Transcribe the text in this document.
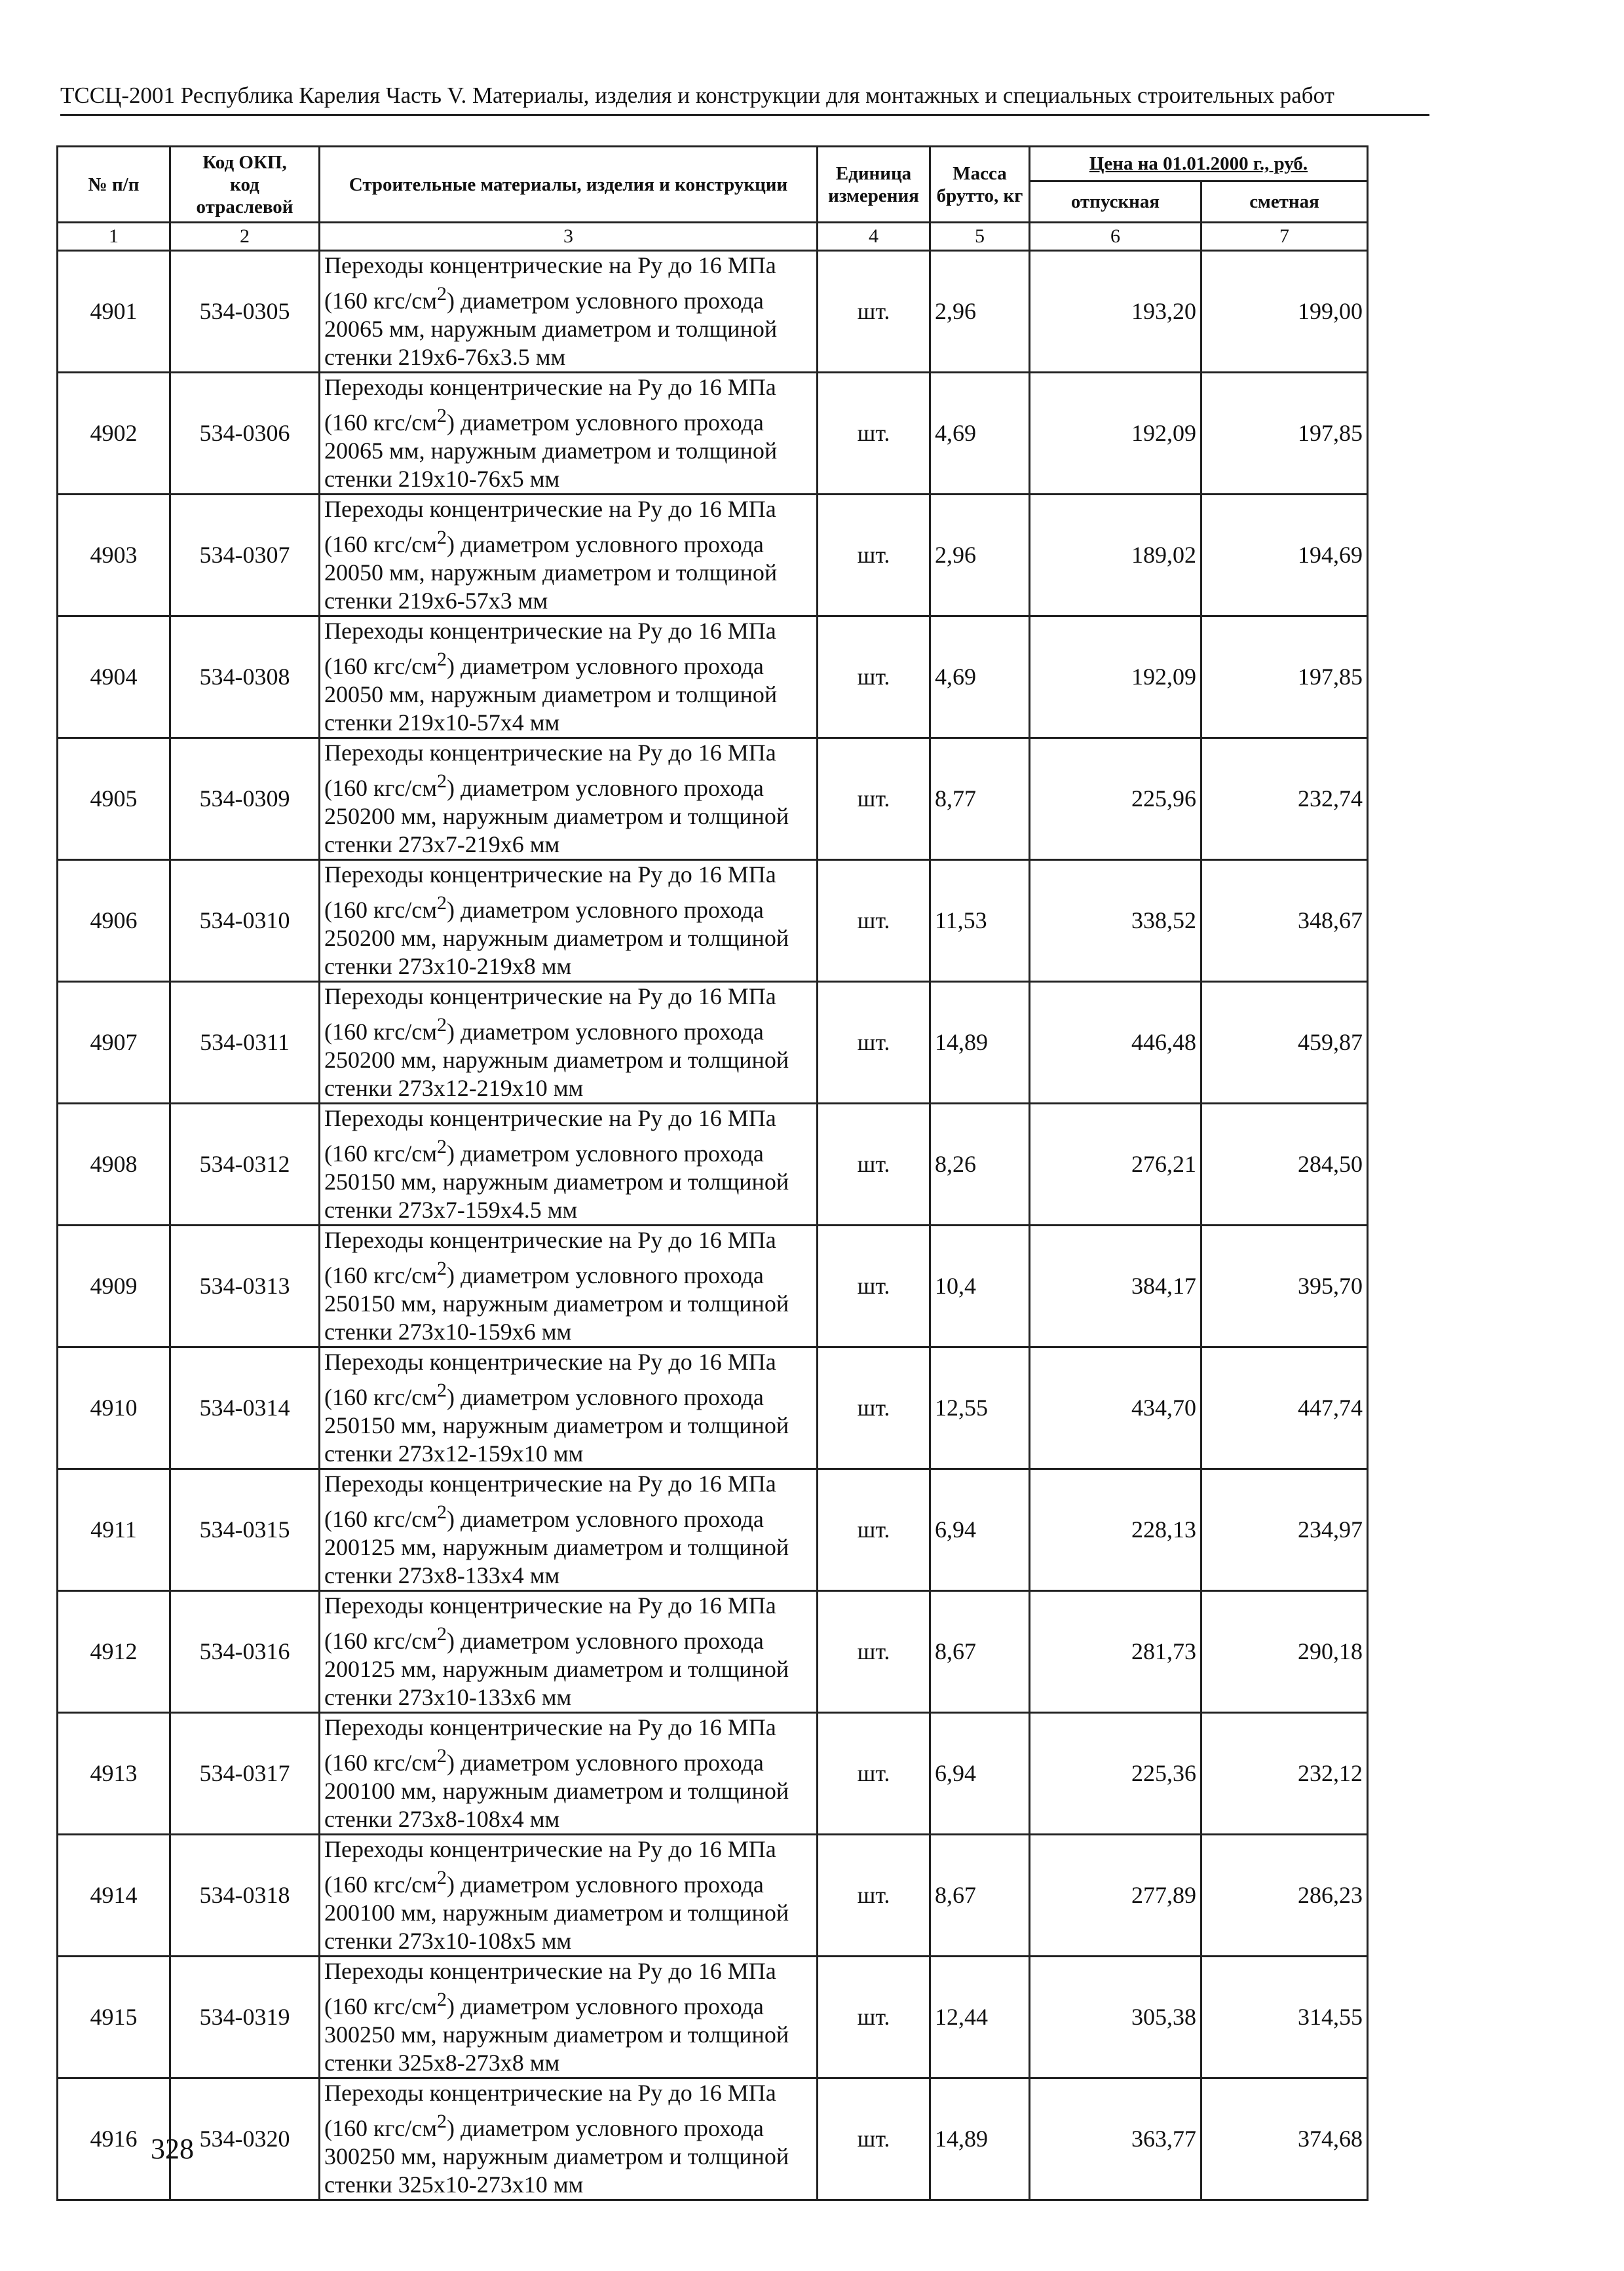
ТССЦ-2001 Республика Карелия Часть V. Материалы, изделия и конструкции для монтажных и специальных строительных работ
№ п/п	Код ОКП,
код
отраслевой	Строительные материалы, изделия и конструкции	Единица
измерения	Масса
брутто, кг	Цена на 01.01.2000 г., руб.	
					отпускная	сметная
1	2	3	4	5	6	7
4901	534-0305	Переходы концентрические на Ру до 16 МПа (160 кгс/$см^2$) диаметром условного прохода 20065 мм, наружным диаметром и толщиной стенки 219х6-76х3.5 мм	шт.	2,96	193,20	199,00
4902	534-0306	Переходы концентрические на Ру до 16 МПа (160 кгс/$см^2$) диаметром условного прохода 20065 мм, наружным диаметром и толщиной стенки 219х10-76х5 мм	шт.	4,69	192,09	197,85
4903	534-0307	Переходы концентрические на Ру до 16 МПа (160 кгс/$см^2$) диаметром условного прохода 20050 мм, наружным диаметром и толщиной стенки 219х6-57х3 мм	шт.	2,96	189,02	194,69
4904	534-0308	Переходы концентрические на Ру до 16 МПа (160 кгс/$см^2$) диаметром условного прохода 20050 мм, наружным диаметром и толщиной стенки 219х10-57х4 мм	шт.	4,69	192,09	197,85
4905	534-0309	Переходы концентрические на Ру до 16 МПа (160 кгс/$см^2$) диаметром условного прохода 250200 мм, наружным диаметром и толщиной стенки 273х7-219х6 мм	шт.	8,77	225,96	232,74
4906	534-0310	Переходы концентрические на Ру до 16 МПа (160 кгс/$см^2$) диаметром условного прохода 250200 мм, наружным диаметром и толщиной стенки 273х10-219х8 мм	шт.	11,53	338,52	348,67
4907	534-0311	Переходы концентрические на Ру до 16 МПа (160 кгс/$см^2$) диаметром условного прохода 250200 мм, наружным диаметром и толщиной стенки 273х12-219х10 мм	шт.	14,89	446,48	459,87
4908	534-0312	Переходы концентрические на Ру до 16 МПа (160 кгс/$см^2$) диаметром условного прохода 250150 мм, наружным диаметром и толщиной стенки 273х7-159х4.5 мм	шт.	8,26	276,21	284,50
4909	534-0313	Переходы концентрические на Ру до 16 МПа (160 кгс/$см^2$) диаметром условного прохода 250150 мм, наружным диаметром и толщиной стенки 273х10-159х6 мм	шт.	10,4	384,17	395,70
4910	534-0314	Переходы концентрические на Ру до 16 МПа (160 кгс/$см^2$) диаметром условного прохода 250150 мм, наружным диаметром и толщиной стенки 273х12-159х10 мм	шт.	12,55	434,70	447,74
4911	534-0315	Переходы концентрические на Ру до 16 МПа (160 кгс/$см^2$) диаметром условного прохода 200125 мм, наружным диаметром и толщиной стенки 273х8-133х4 мм	шт.	6,94	228,13	234,97
4912	534-0316	Переходы концентрические на Ру до 16 МПа (160 кгс/$см^2$) диаметром условного прохода 200125 мм, наружным диаметром и толщиной стенки 273х10-133х6 мм	шт.	8,67	281,73	290,18
4913	534-0317	Переходы концентрические на Ру до 16 МПа (160 кгс/$см^2$) диаметром условного прохода 200100 мм, наружным диаметром и толщиной стенки 273х8-108х4 мм	шт.	6,94	225,36	232,12
4914	534-0318	Переходы концентрические на Ру до 16 МПа (160 кгс/$см^2$) диаметром условного прохода 200100 мм, наружным диаметром и толщиной стенки 273х10-108х5 мм	шт.	8,67	277,89	286,23
4915	534-0319	Переходы концентрические на Ру до 16 МПа (160 кгс/$см^2$) диаметром условного прохода 300250 мм, наружным диаметром и толщиной стенки 325х8-273х8 мм	шт.	12,44	305,38	314,55
4916	534-0320	Переходы концентрические на Ру до 16 МПа (160 кгс/$см^2$) диаметром условного прохода 300250 мм, наружным диаметром и толщиной стенки 325х10-273х10 мм	шт.	14,89	363,77	374,68
328
